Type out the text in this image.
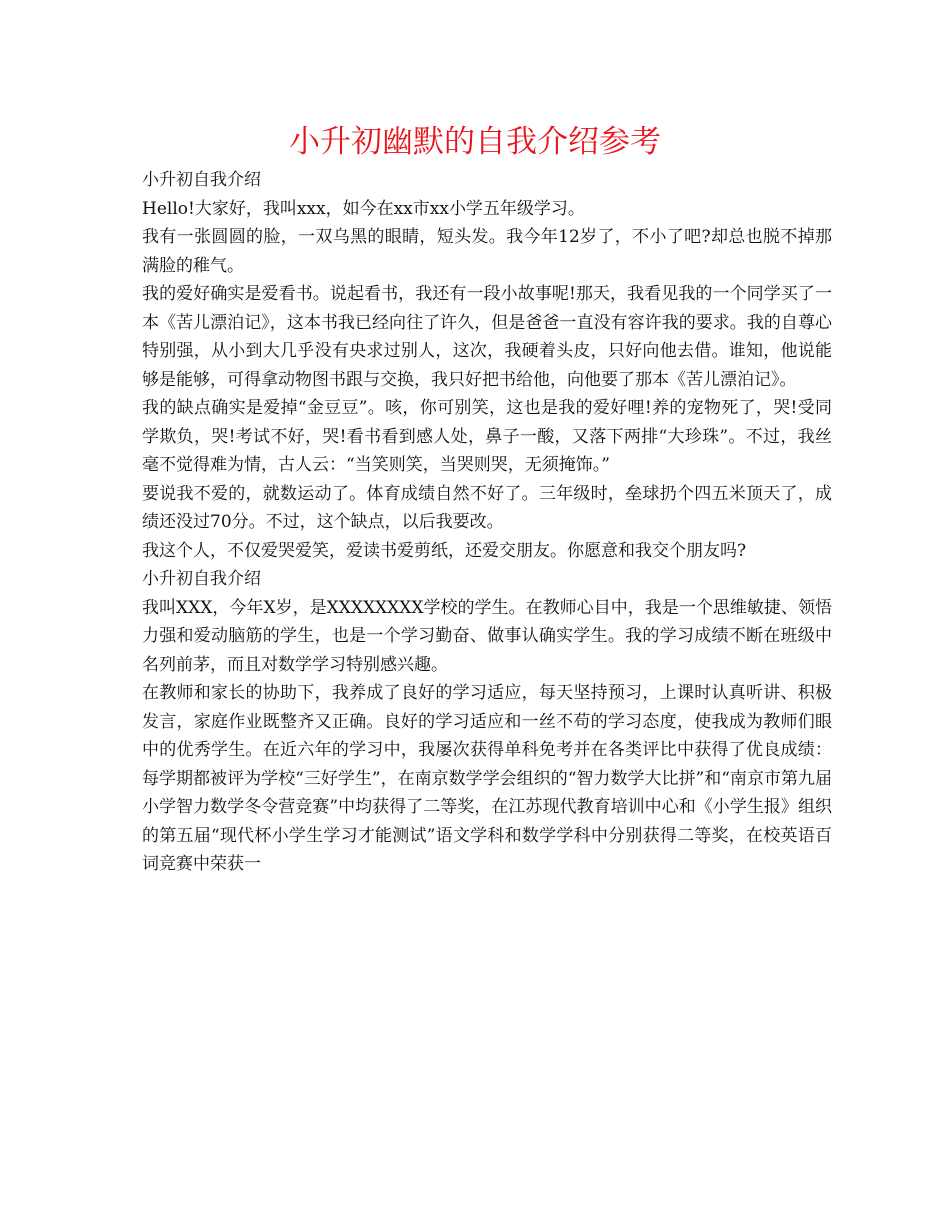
小升初幽默的自我介绍参考

小升初自我介绍

Hello!大家好，我叫xxx，如今在xx市xx小学五年级学习。

我有一张圆圆的脸，一双乌黑的眼睛，短头发。我今年12岁了，不小了吧?却总也脱不掉那满脸的稚气。

我的爱好确实是爱看书。说起看书，我还有一段小故事呢!那天，我看见我的一个同学买了一本《苦儿漂泊记》，这本书我已经向往了许久，但是爸爸一直没有容许我的要求。我的自尊心特别强，从小到大几乎没有央求过别人，这次，我硬着头皮，只好向他去借。谁知，他说能够是能够，可得拿动物图书跟与交换，我只好把书给他，向他要了那本《苦儿漂泊记》。

我的缺点确实是爱掉“金豆豆”。咳，你可别笑，这也是我的爱好哩!养的宠物死了，哭!受同学欺负，哭!考试不好，哭!看书看到感人处，鼻子一酸，又落下两排“大珍珠”。不过，我丝毫不觉得难为情，古人云：“当笑则笑，当哭则哭，无须掩饰。”

要说我不爱的，就数运动了。体育成绩自然不好了。三年级时，垒球扔个四五米顶天了，成绩还没过70分。不过，这个缺点，以后我要改。

我这个人，不仅爱哭爱笑，爱读书爱剪纸，还爱交朋友。你愿意和我交个朋友吗?

小升初自我介绍

我叫XXX，今年X岁，是XXXXXXXX学校的学生。在教师心目中，我是一个思维敏捷、领悟力强和爱动脑筋的学生，也是一个学习勤奋、做事认确实学生。我的学习成绩不断在班级中名列前茅，而且对数学学习特别感兴趣。

在教师和家长的协助下，我养成了良好的学习适应，每天坚持预习，上课时认真听讲、积极发言，家庭作业既整齐又正确。良好的学习适应和一丝不苟的学习态度，使我成为教师们眼中的优秀学生。在近六年的学习中，我屡次获得单科免考并在各类评比中获得了优良成绩：每学期都被评为学校“三好学生”，在南京数学学会组织的“智力数学大比拼”和“南京市第九届小学智力数学冬令营竞赛”中均获得了二等奖，在江苏现代教育培训中心和《小学生报》组织的第五届“现代杯小学生学习才能测试”语文学科和数学学科中分别获得二等奖，在校英语百词竞赛中荣获一
